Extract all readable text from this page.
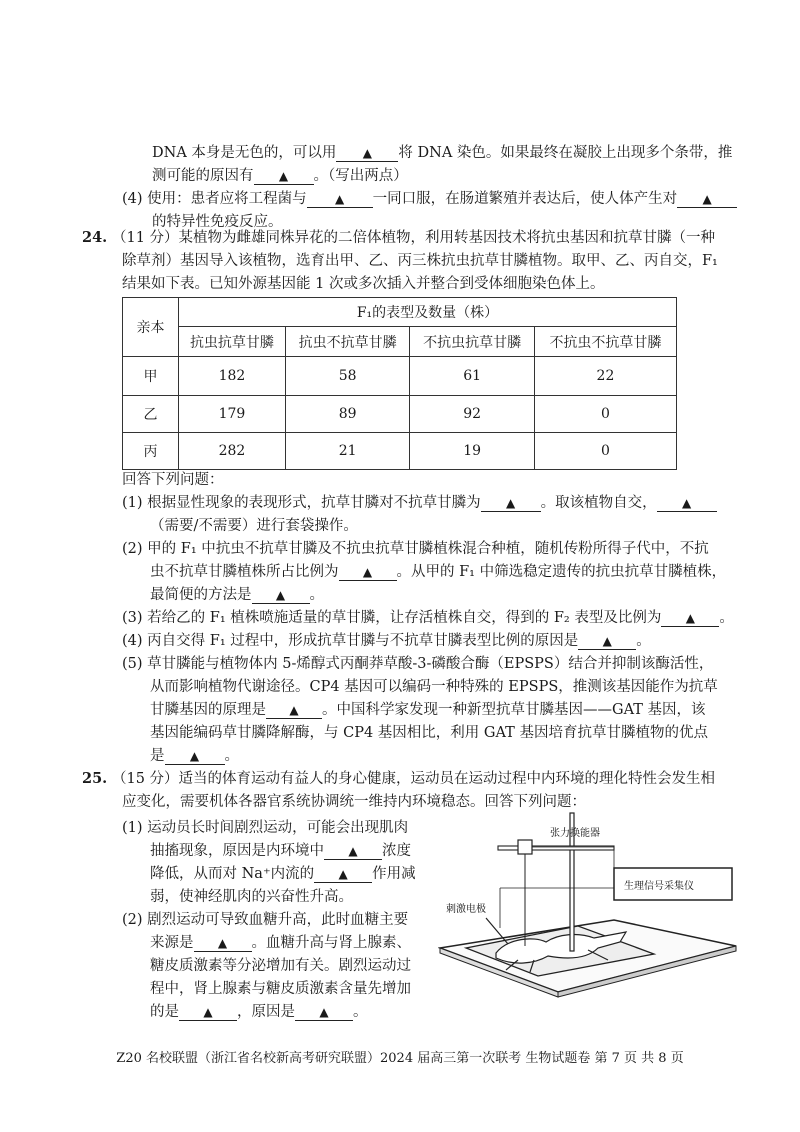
DNA 本身是无色的，可以用 ▲ 将 DNA 染色。如果最终在凝胶上出现多个条带，推
测可能的原因有 ▲ 。（写出两点）
(4) 使用：患者应将工程菌与 ▲ 一同口服，在肠道繁殖并表达后，使人体产生对 ▲
的特异性免疫反应。
24. （11 分）某植物为雌雄同株异花的二倍体植物，利用转基因技术将抗虫基因和抗草甘膦（一种
除草剂）基因导入该植物，选育出甲、乙、丙三株抗虫抗草甘膦植物。取甲、乙、丙自交，F₁
结果如下表。已知外源基因能 1 次或多次插入并整合到受体细胞染色体上。
亲本	F₁的表型及数量（株）			
	抗虫抗草甘膦	抗虫不抗草甘膦	不抗虫抗草甘膦	不抗虫不抗草甘膦
甲	182	58	61	22
乙	179	89	92	0
丙	282	21	19	0
回答下列问题：
(1) 根据显性现象的表现形式，抗草甘膦对不抗草甘膦为 ▲ 。取该植物自交， ▲
（需要/不需要）进行套袋操作。
(2) 甲的 F₁ 中抗虫不抗草甘膦及不抗虫抗草甘膦植株混合种植，随机传粉所得子代中，不抗
虫不抗草甘膦植株所占比例为 ▲ 。从甲的 F₁ 中筛选稳定遗传的抗虫抗草甘膦植株，
最简便的方法是 ▲ 。
(3) 若给乙的 F₁ 植株喷施适量的草甘膦，让存活植株自交，得到的 F₂ 表型及比例为 ▲ 。
(4) 丙自交得 F₁ 过程中，形成抗草甘膦与不抗草甘膦表型比例的原因是 ▲ 。
(5) 草甘膦能与植物体内 5-烯醇式丙酮莽草酸-3-磷酸合酶（EPSPS）结合并抑制该酶活性，
从而影响植物代谢途径。CP4 基因可以编码一种特殊的 EPSPS，推测该基因能作为抗草
甘膦基因的原理是 ▲ 。中国科学家发现一种新型抗草甘膦基因——GAT 基因，该
基因能编码草甘膦降解酶，与 CP4 基因相比，利用 GAT 基因培育抗草甘膦植物的优点
是 ▲ 。
25. （15 分）适当的体育运动有益人的身心健康，运动员在运动过程中内环境的理化特性会发生相
应变化，需要机体各器官系统协调统一维持内环境稳态。回答下列问题：
(1) 运动员长时间剧烈运动，可能会出现肌肉
抽搐现象，原因是内环境中 ▲ 浓度
降低，从而对 Na⁺内流的 ▲ 作用减
弱，使神经肌肉的兴奋性升高。
(2) 剧烈运动可导致血糖升高，此时血糖主要
来源是 ▲ 。血糖升高与肾上腺素、
糖皮质激素等分泌增加有关。剧烈运动过
程中，肾上腺素与糖皮质激素含量先增加
的是 ▲ ，原因是 ▲ 。
张力换能器
刺激电极
生理信号采集仪
Z20 名校联盟（浙江省名校新高考研究联盟）2024 届高三第一次联考 生物试题卷 第 7 页 共 8 页
